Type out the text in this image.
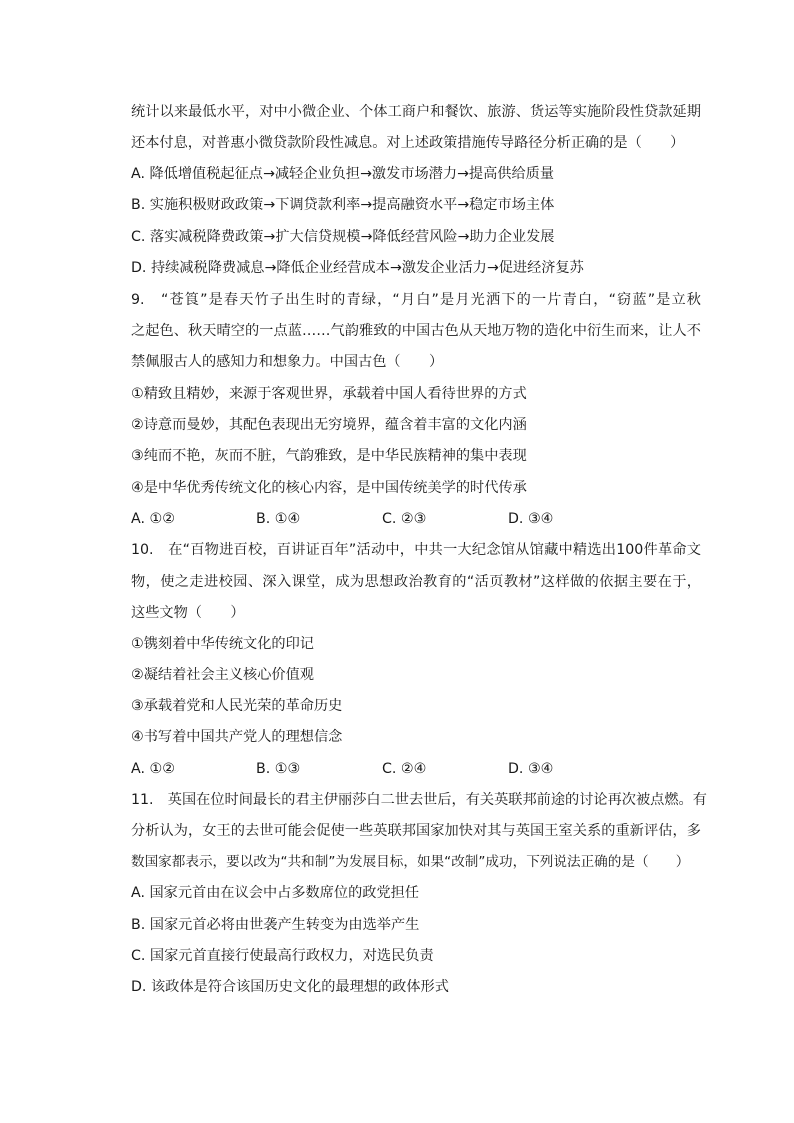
统计以来最低水平，对中小微企业、个体工商户和餐饮、旅游、货运等实施阶段性贷款延期
还本付息，对普惠小微贷款阶段性减息。对上述政策措施传导路径分析正确的是（　　）
A. 降低增值税起征点→减轻企业负担→激发市场潜力→提高供给质量
B. 实施积极财政政策→下调贷款利率→提高融资水平→稳定市场主体
C. 落实减税降费政策→扩大信贷规模→降低经营风险→助力企业发展
D. 持续减税降费减息→降低企业经营成本→激发企业活力→促进经济复苏
9.　“苍筤”是春天竹子出生时的青绿，“月白”是月光洒下的一片青白，“窃蓝”是立秋
之起色、秋天晴空的一点蓝……气韵雅致的中国古色从天地万物的造化中衍生而来，让人不
禁佩服古人的感知力和想象力。中国古色（　　）
①精致且精妙，来源于客观世界，承载着中国人看待世界的方式
②诗意而曼妙，其配色表现出无穷境界，蕴含着丰富的文化内涵
③纯而不艳，灰而不脏，气韵雅致，是中华民族精神的集中表现
④是中华优秀传统文化的核心内容，是中国传统美学的时代传承
A. ①②	B. ①④	C. ②③	D. ③④
10.　在“百物进百校，百讲证百年”活动中，中共一大纪念馆从馆藏中精选出100件革命文
物，使之走进校园、深入课堂，成为思想政治教育的“活页教材”这样做的依据主要在于，
这些文物（　　）
①镌刻着中华传统文化的印记
②凝结着社会主义核心价值观
③承载着党和人民光荣的革命历史
④书写着中国共产党人的理想信念
A. ①②	B. ①③	C. ②④	D. ③④
11.　英国在位时间最长的君主伊丽莎白二世去世后，有关英联邦前途的讨论再次被点燃。有
分析认为，女王的去世可能会促使一些英联邦国家加快对其与英国王室关系的重新评估，多
数国家都表示，要以改为“共和制”为发展目标，如果“改制”成功，下列说法正确的是（　　）
A. 国家元首由在议会中占多数席位的政党担任
B. 国家元首必将由世袭产生转变为由选举产生
C. 国家元首直接行使最高行政权力，对选民负责
D. 该政体是符合该国历史文化的最理想的政体形式
